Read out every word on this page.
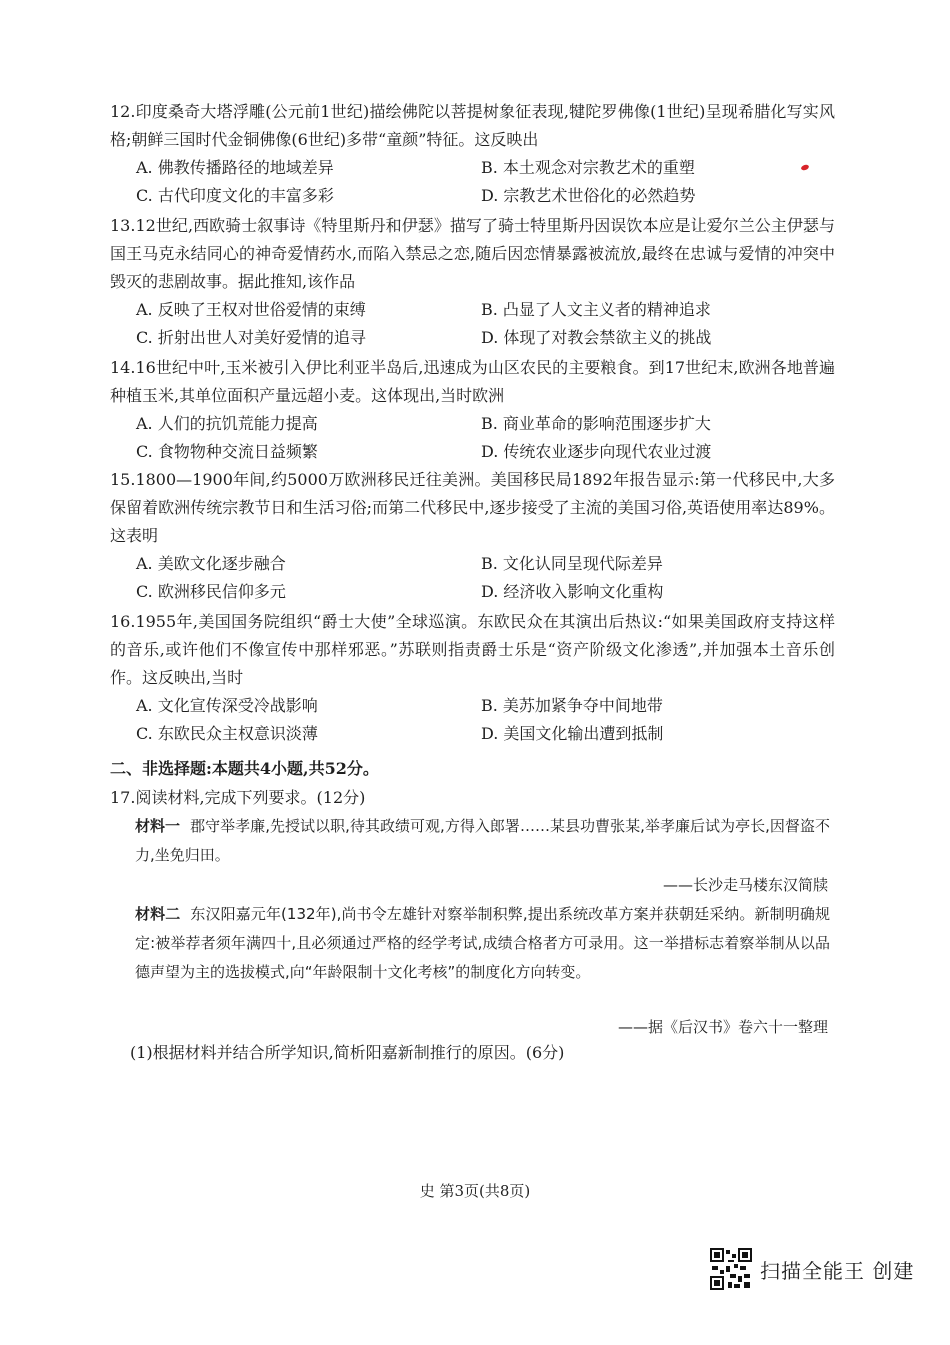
12.印度桑奇大塔浮雕(公元前1世纪)描绘佛陀以菩提树象征表现,犍陀罗佛像(1世纪)呈现希腊化写实风格;朝鲜三国时代金铜佛像(6世纪)多带“童颜”特征。这反映出
A. 佛教传播路径的地域差异	B. 本土观念对宗教艺术的重塑
C. 古代印度文化的丰富多彩	D. 宗教艺术世俗化的必然趋势
13.12世纪,西欧骑士叙事诗《特里斯丹和伊瑟》描写了骑士特里斯丹因误饮本应是让爱尔兰公主伊瑟与国王马克永结同心的神奇爱情药水,而陷入禁忌之恋,随后因恋情暴露被流放,最终在忠诚与爱情的冲突中毁灭的悲剧故事。据此推知,该作品
A. 反映了王权对世俗爱情的束缚	B. 凸显了人文主义者的精神追求
C. 折射出世人对美好爱情的追寻	D. 体现了对教会禁欲主义的挑战
14.16世纪中叶,玉米被引入伊比利亚半岛后,迅速成为山区农民的主要粮食。到17世纪末,欧洲各地普遍种植玉米,其单位面积产量远超小麦。这体现出,当时欧洲
A. 人们的抗饥荒能力提高	B. 商业革命的影响范围逐步扩大
C. 食物物种交流日益频繁	D. 传统农业逐步向现代农业过渡
15.1800—1900年间,约5000万欧洲移民迁往美洲。美国移民局1892年报告显示:第一代移民中,大多保留着欧洲传统宗教节日和生活习俗;而第二代移民中,逐步接受了主流的美国习俗,英语使用率达89%。这表明
A. 美欧文化逐步融合	B. 文化认同呈现代际差异
C. 欧洲移民信仰多元	D. 经济收入影响文化重构
16.1955年,美国国务院组织“爵士大使”全球巡演。东欧民众在其演出后热议:“如果美国政府支持这样的音乐,或许他们不像宣传中那样邪恶。”苏联则指责爵士乐是“资产阶级文化渗透”,并加强本土音乐创作。这反映出,当时
A. 文化宣传深受冷战影响	B. 美苏加紧争夺中间地带
C. 东欧民众主权意识淡薄	D. 美国文化输出遭到抵制
二、非选择题:本题共4小题,共52分。
17.阅读材料,完成下列要求。(12分)
材料一 郡守举孝廉,先授试以职,待其政绩可观,方得入郎署……某县功曹张某,举孝廉后试为亭长,因督盗不力,坐免归田。
——长沙走马楼东汉简牍
材料二 东汉阳嘉元年(132年),尚书令左雄针对察举制积弊,提出系统改革方案并获朝廷采纳。新制明确规定:被举荐者须年满四十,且必须通过严格的经学考试,成绩合格者方可录用。这一举措标志着察举制从以品德声望为主的选拔模式,向“年龄限制十文化考核”的制度化方向转变。
——据《后汉书》卷六十一整理
(1)根据材料并结合所学知识,简析阳嘉新制推行的原因。(6分)
史 第3页(共8页)
扫描全能王 创建
